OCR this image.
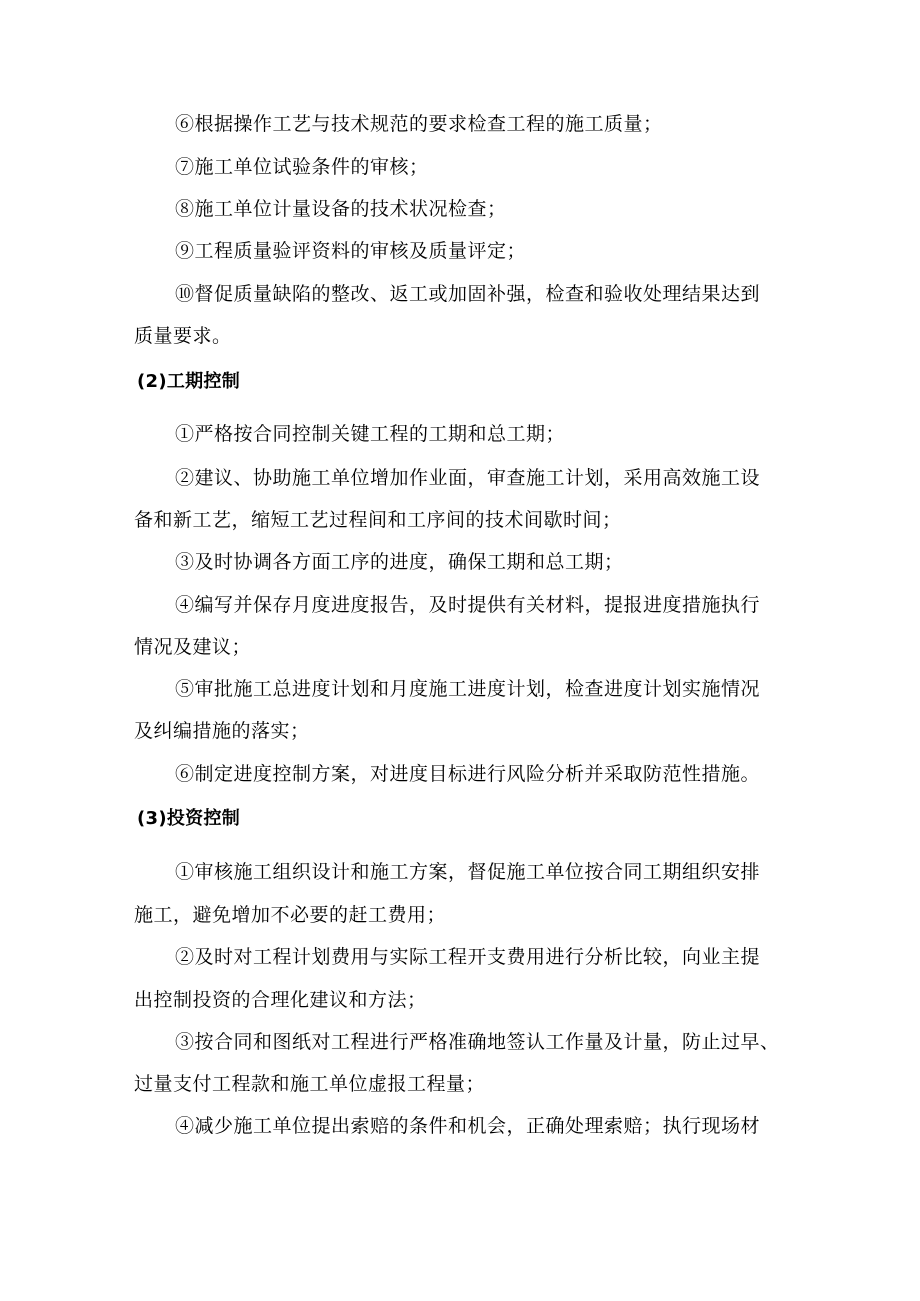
⑥根据操作工艺与技术规范的要求检查工程的施工质量；

⑦施工单位试验条件的审核；

⑧施工单位计量设备的技术状况检查；

⑨工程质量验评资料的审核及质量评定；

⑩督促质量缺陷的整改、返工或加固补强，检查和验收处理结果达到

质量要求。

(2)工期控制

①严格按合同控制关键工程的工期和总工期；

②建议、协助施工单位增加作业面，审查施工计划，采用高效施工设

备和新工艺，缩短工艺过程间和工序间的技术间歇时间；

③及时协调各方面工序的进度，确保工期和总工期；

④编写并保存月度进度报告，及时提供有关材料，提报进度措施执行

情况及建议；

⑤审批施工总进度计划和月度施工进度计划，检查进度计划实施情况

及纠编措施的落实；

⑥制定进度控制方案，对进度目标进行风险分析并采取防范性措施。

(3)投资控制

①审核施工组织设计和施工方案，督促施工单位按合同工期组织安排

施工，避免增加不必要的赶工费用；

②及时对工程计划费用与实际工程开支费用进行分析比较，向业主提

出控制投资的合理化建议和方法；

③按合同和图纸对工程进行严格准确地签认工作量及计量，防止过早、

过量支付工程款和施工单位虚报工程量；

④减少施工单位提出索赔的条件和机会，正确处理索赔；执行现场材
